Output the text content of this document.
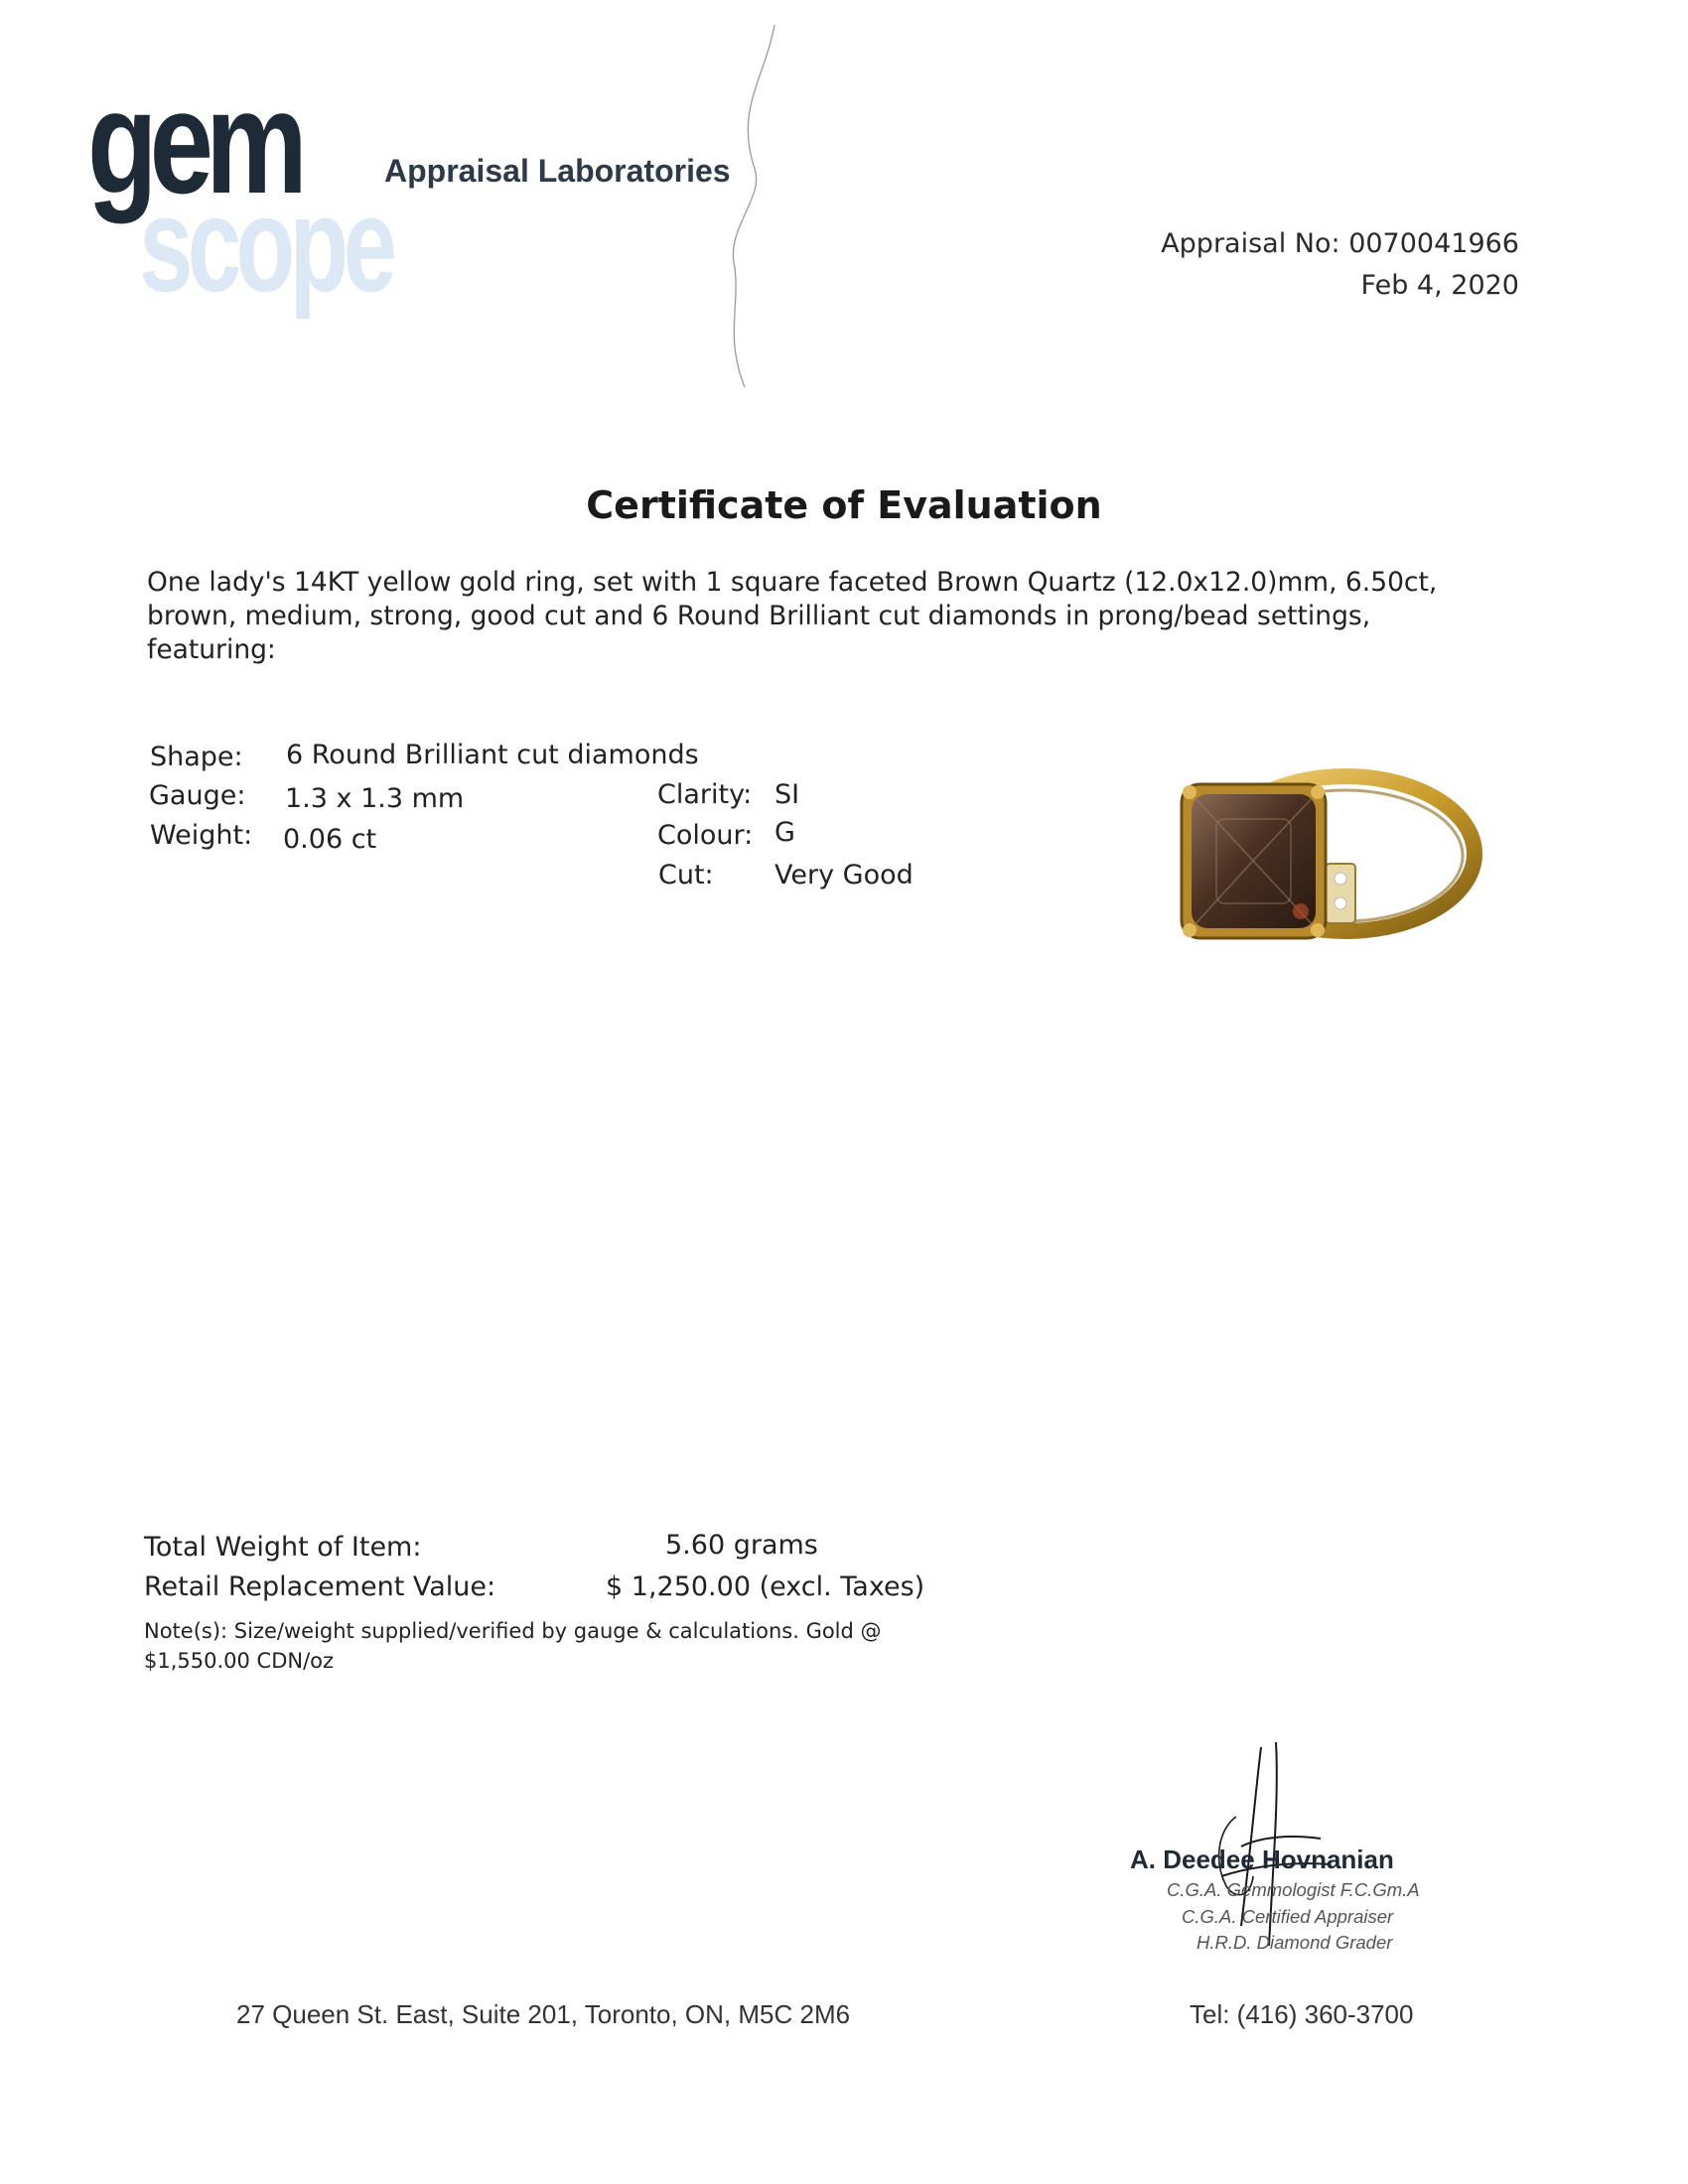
gem
scope
Appraisal Laboratories
Appraisal No: 0070041966
Feb 4, 2020
Certificate of Evaluation
One lady's 14KT yellow gold ring, set with 1 square faceted Brown Quartz (12.0x12.0)mm, 6.50ct, brown, medium, strong, good cut and 6 Round Brilliant cut diamonds in prong/bead settings, featuring:
Shape: 6 Round Brilliant cut diamonds
Gauge: 1.3 x 1.3 mm
Weight: 0.06 ct
Clarity: SI
Colour: G
Cut: Very Good
Total Weight of Item:	5.60 grams
Retail Replacement Value:	$ 1,250.00 (excl. Taxes)
Note(s): Size/weight supplied/verified by gauge & calculations. Gold @
$1,550.00 CDN/oz
A. Deedee Hovnanian
C.G.A. Gemmologist F.C.Gm.A
C.G.A. Certified Appraiser
H.R.D. Diamond Grader
27 Queen St. East, Suite 201, Toronto, ON, M5C 2M6	Tel: (416) 360-3700
